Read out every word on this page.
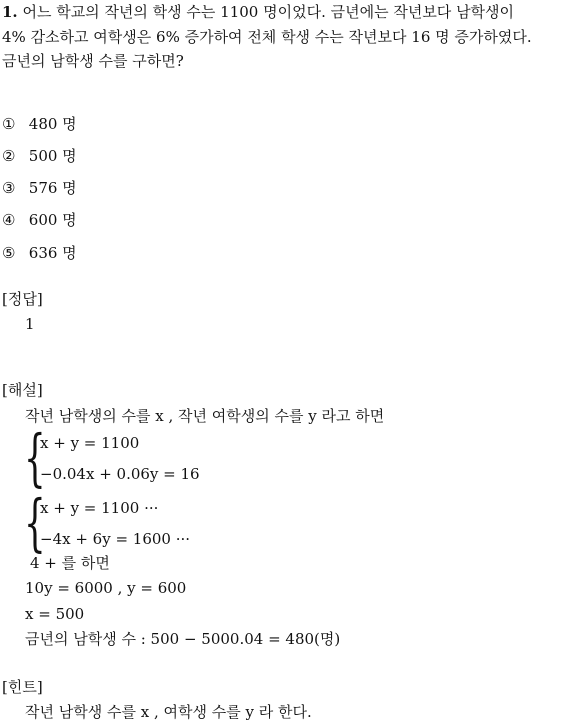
1. 어느 학교의 작년의 학생 수는 1100 명이었다. 금년에는 작년보다 남학생이
4% 감소하고 여학생은 6% 증가하여 전체 학생 수는 작년보다 16 명 증가하였다.
금년의 남학생 수를 구하면?
① 480 명
② 500 명
③ 576 명
④ 600 명
⑤ 636 명
[정답]
1
[해설]
작년 남학생의 수를 x , 작년 여학생의 수를 y 라고 하면
{
x + y = 1100
−0.04x + 0.06y = 16
{
x + y = 1100 ···
−4x + 6y = 1600 ···
4 + 를 하면
10y = 6000 , y = 600
x = 500
금년의 남학생 수 : 500 − 5000.04 = 480(명)
[힌트]
작년 남학생 수를 x , 여학생 수를 y 라 한다.
